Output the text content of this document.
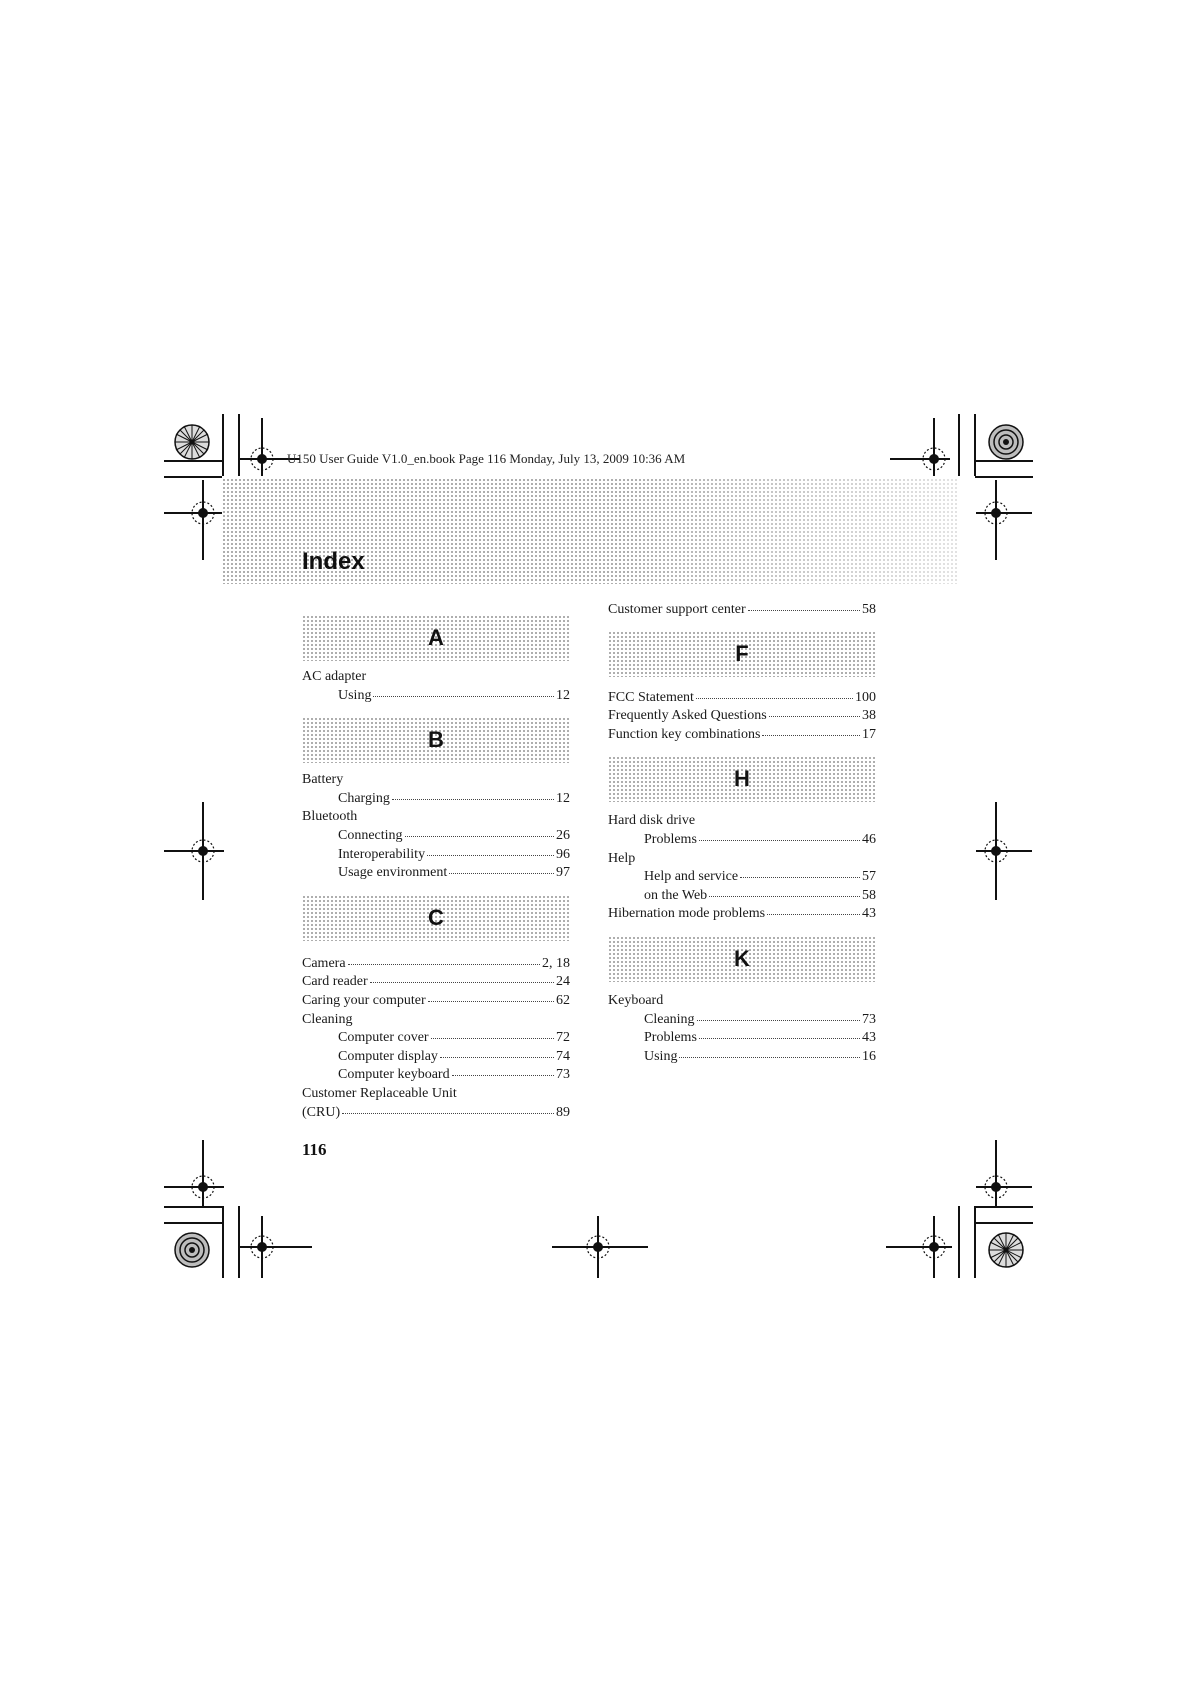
U150 User Guide V1.0_en.book Page 116 Monday, July 13, 2009 10:36 AM
Index
A
AC adapter
Using	12
B
Battery
Charging	12
Bluetooth
Connecting	26
Interoperability	96
Usage environment	97
C
Camera	2, 18
Card reader	24
Caring your computer	62
Cleaning
Computer cover	72
Computer display	74
Computer keyboard	73
Customer Replaceable Unit
(CRU)	89
Customer support center	58
F
FCC Statement	100
Frequently Asked Questions	38
Function key combinations	17
H
Hard disk drive
Problems	46
Help
Help and service	57
on the Web	58
Hibernation mode problems	43
K
Keyboard
Cleaning	73
Problems	43
Using	16
116
